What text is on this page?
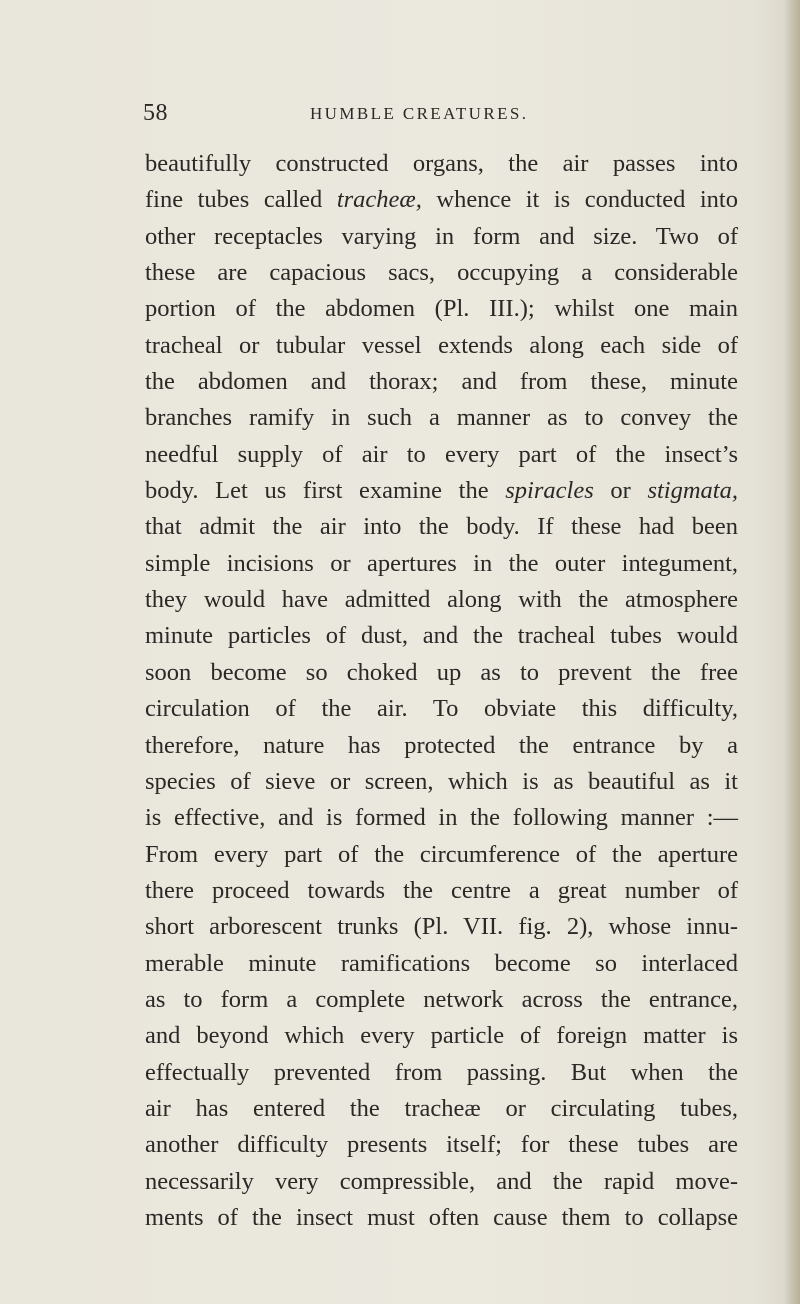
58	HUMBLE CREATURES.
beautifully constructed organs, the air passes into
fine tubes called tracheæ, whence it is conducted into
other receptacles varying in form and size. Two of
these are capacious sacs, occupying a considerable
portion of the abdomen (Pl. III.); whilst one main
tracheal or tubular vessel extends along each side of
the abdomen and thorax; and from these, minute
branches ramify in such a manner as to convey the
needful supply of air to every part of the insect’s
body. Let us first examine the spiracles or stigmata,
that admit the air into the body. If these had been
simple incisions or apertures in the outer integument,
they would have admitted along with the atmosphere
minute particles of dust, and the tracheal tubes would
soon become so choked up as to prevent the free
circulation of the air. To obviate this difficulty,
therefore, nature has protected the entrance by a
species of sieve or screen, which is as beautiful as it
is effective, and is formed in the following manner :—
From every part of the circumference of the aperture
there proceed towards the centre a great number of
short arborescent trunks (Pl. VII. fig. 2), whose innu-
merable minute ramifications become so interlaced
as to form a complete network across the entrance,
and beyond which every particle of foreign matter is
effectually prevented from passing. But when the
air has entered the tracheæ or circulating tubes,
another difficulty presents itself; for these tubes are
necessarily very compressible, and the rapid move-
ments of the insect must often cause them to collapse
